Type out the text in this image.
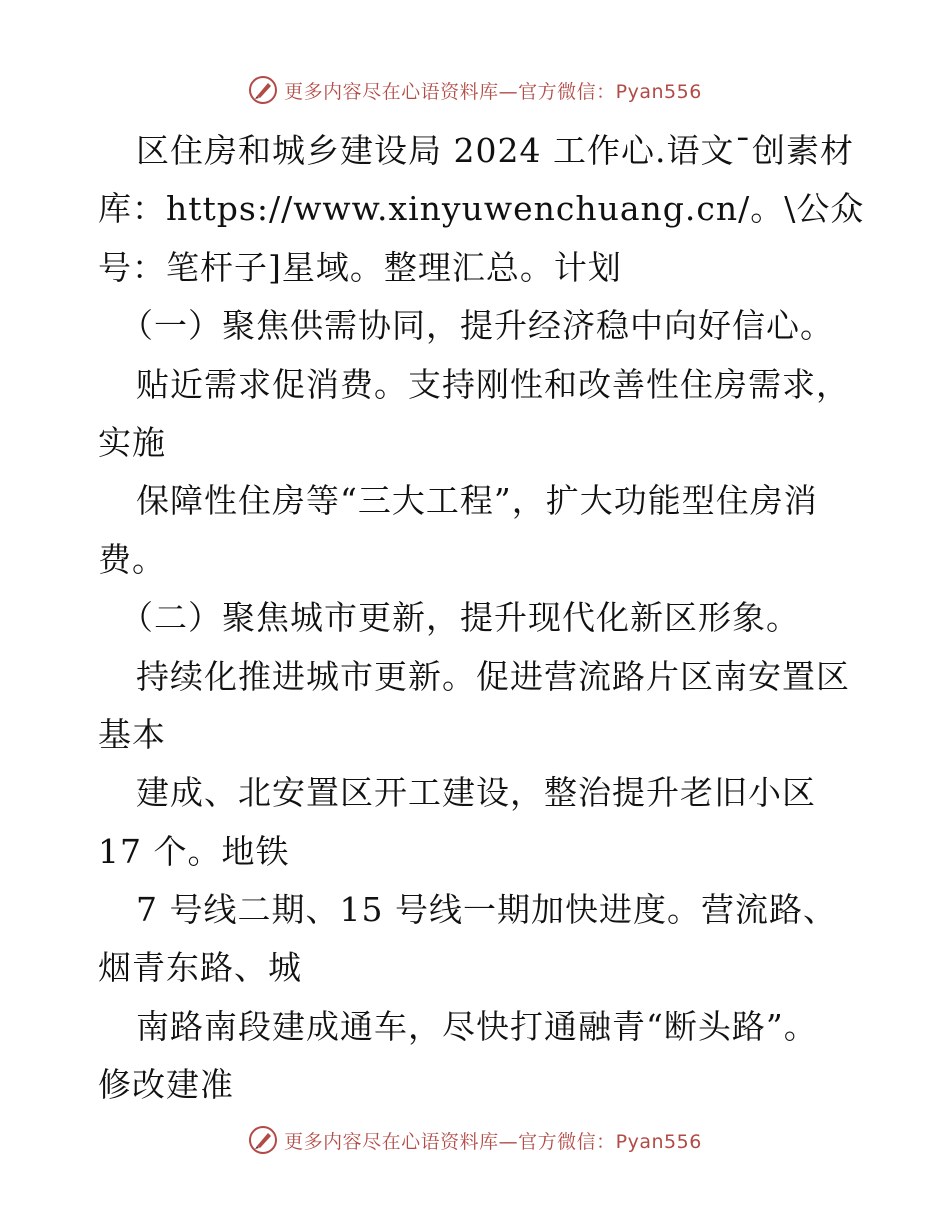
更多内容尽在心语资料库—官方微信：Pyan556
区住房和城乡建设局 2024 工作心.语文¯创素材
库：https://www.xinyuwenchuang.cn/。\公众
号：笔杆子]星域。整理汇总。计划
（一）聚焦供需协同，提升经济稳中向好信心。
贴近需求促消费。支持刚性和改善性住房需求，
实施
保障性住房等“三大工程”，扩大功能型住房消
费。
（二）聚焦城市更新，提升现代化新区形象。
持续化推进城市更新。促进营流路片区南安置区
基本
建成、北安置区开工建设，整治提升老旧小区
17 个。地铁
7 号线二期、15 号线一期加快进度。营流路、
烟青东路、城
南路南段建成通车，尽快打通融青“断头路”。
修改建准
更多内容尽在心语资料库—官方微信：Pyan556
